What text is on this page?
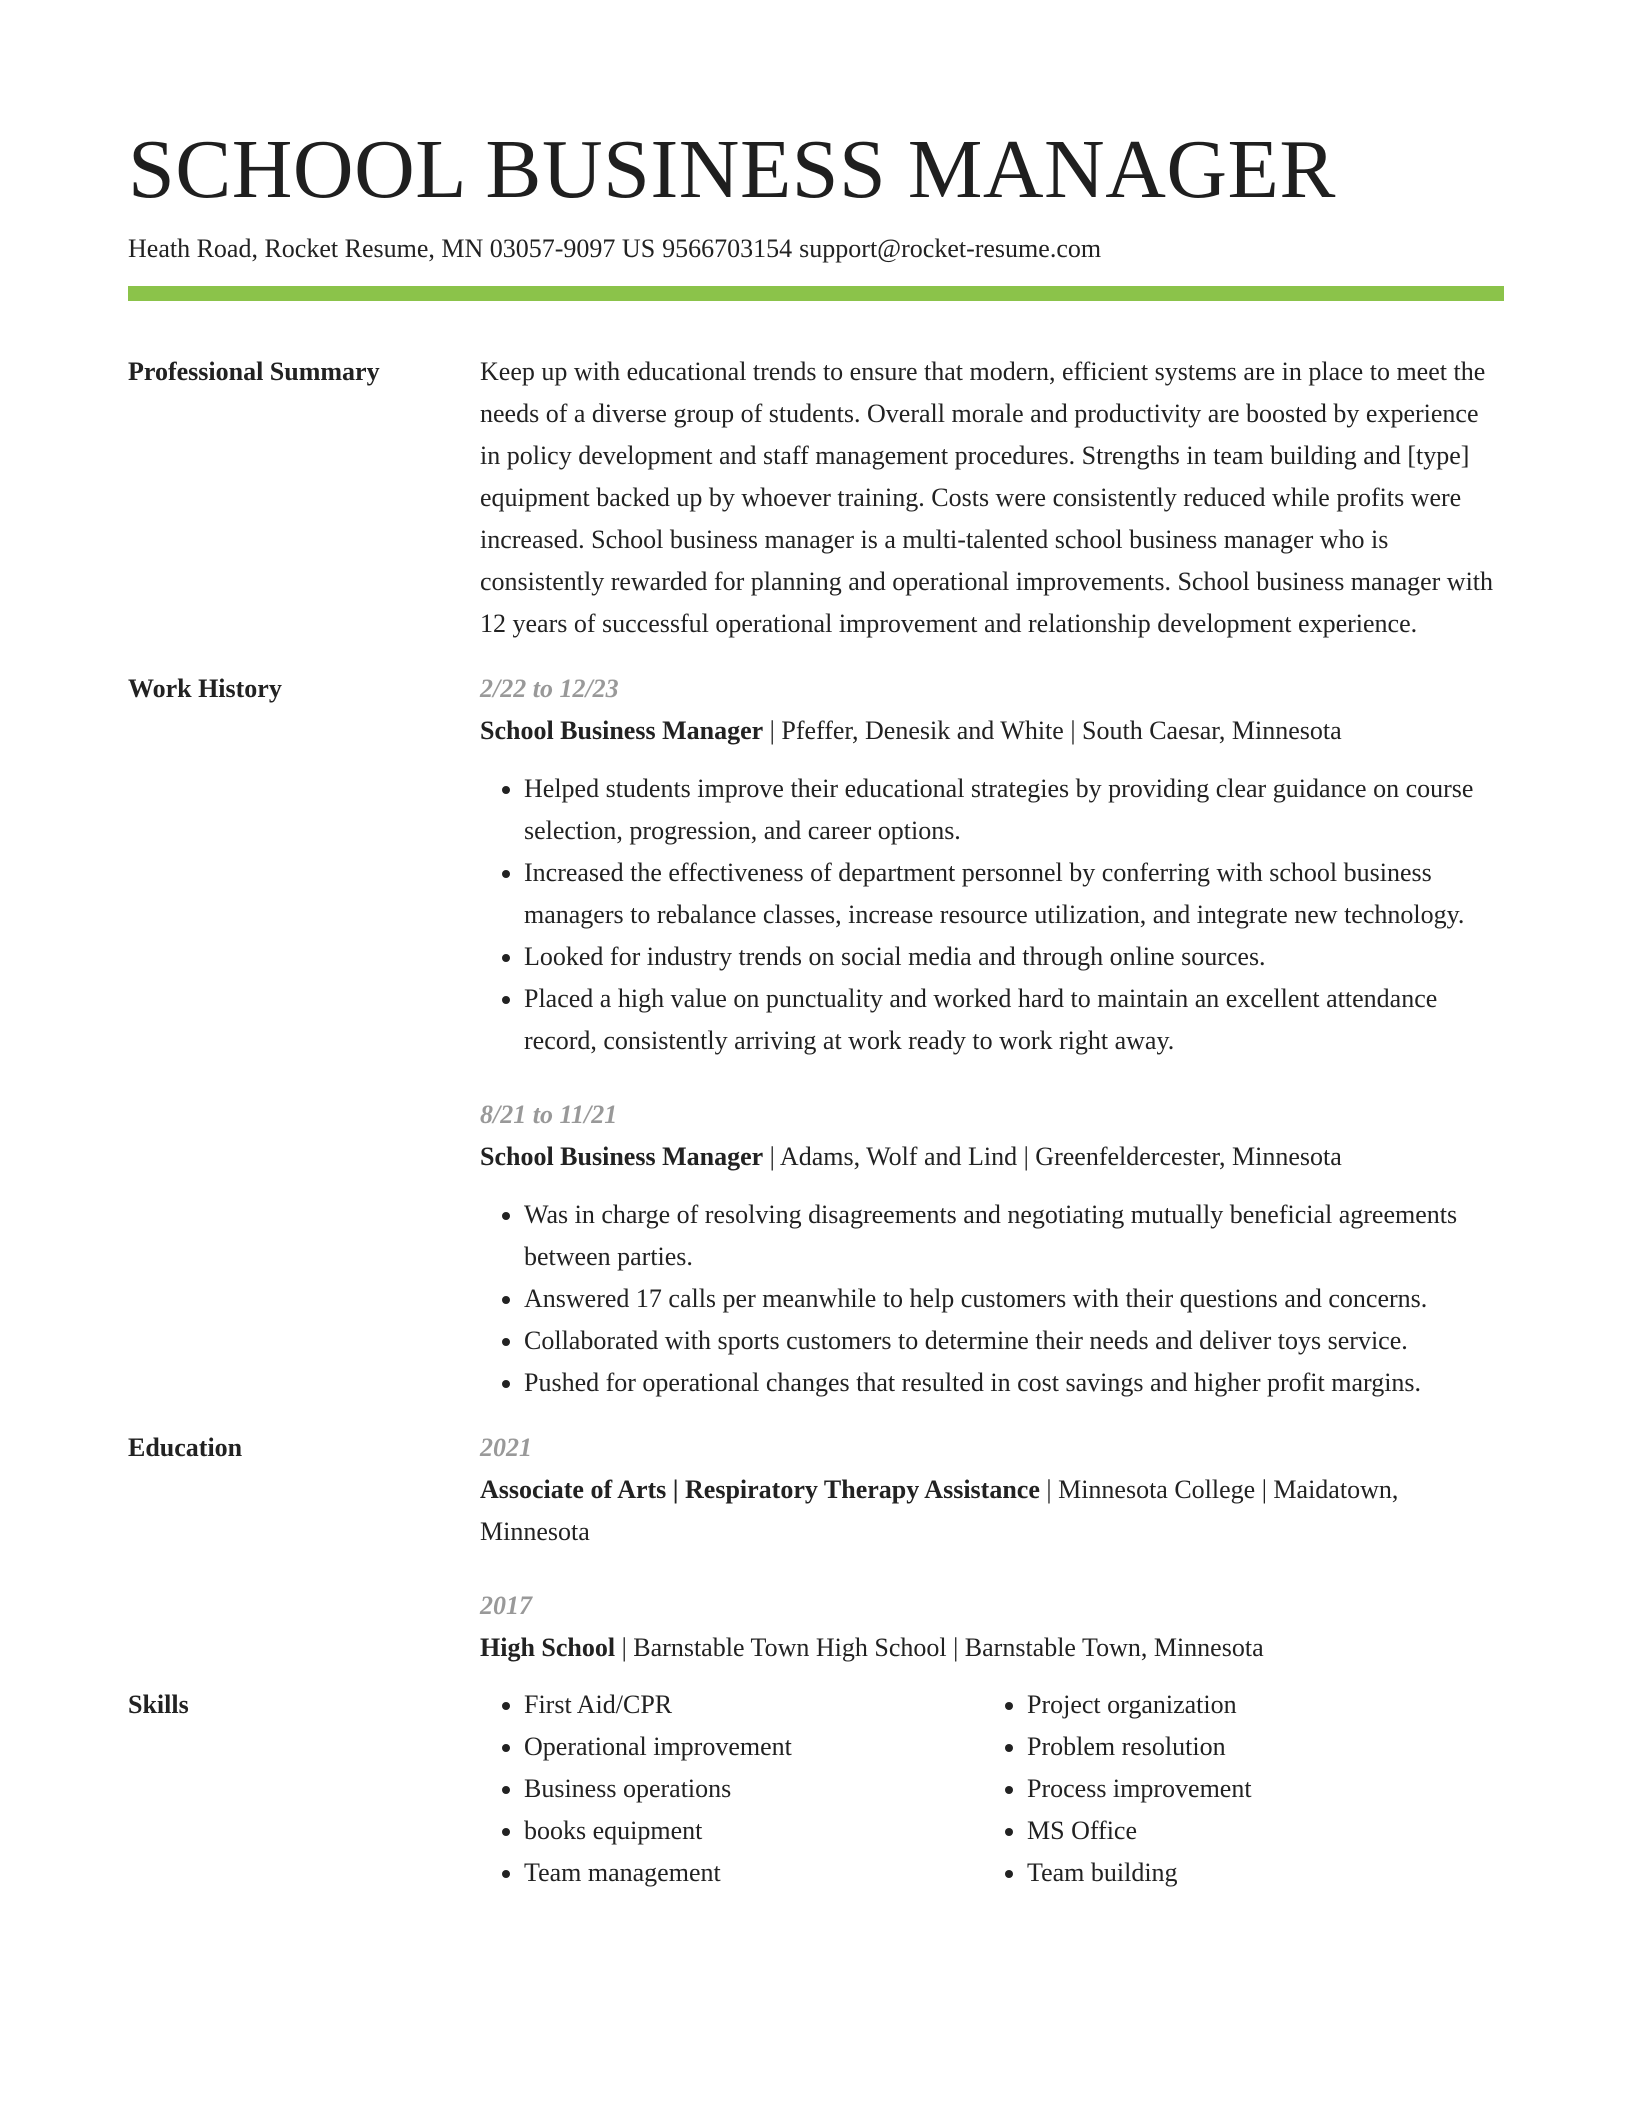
SCHOOL BUSINESS MANAGER
Heath Road, Rocket Resume, MN 03057-9097 US 9566703154 support@rocket-resume.com
Professional Summary	Keep up with educational trends to ensure that modern, efficient systems are in place to meet the needs of a diverse group of students. Overall morale and productivity are boosted by experience in policy development and staff management procedures. Strengths in team building and [type] equipment backed up by whoever training. Costs were consistently reduced while profits were increased. School business manager is a multi-talented school business manager who is consistently rewarded for planning and operational improvements. School business manager with 12 years of successful operational improvement and relationship development experience.

Work History	2/22 to 12/23
School Business Manager | Pfeffer, Denesik and White | South Caesar, Minnesota
• Helped students improve their educational strategies by providing clear guidance on course selection, progression, and career options.
• Increased the effectiveness of department personnel by conferring with school business managers to rebalance classes, increase resource utilization, and integrate new technology.
• Looked for industry trends on social media and through online sources.
• Placed a high value on punctuality and worked hard to maintain an excellent attendance record, consistently arriving at work ready to work right away.
8/21 to 11/21
School Business Manager | Adams, Wolf and Lind | Greenfeldercester, Minnesota
• Was in charge of resolving disagreements and negotiating mutually beneficial agreements between parties.
• Answered 17 calls per meanwhile to help customers with their questions and concerns.
• Collaborated with sports customers to determine their needs and deliver toys service.
• Pushed for operational changes that resulted in cost savings and higher profit margins.
Education	2021
Associate of Arts | Respiratory Therapy Assistance | Minnesota College | Maidatown, Minnesota
2017
High School | Barnstable Town High School | Barnstable Town, Minnesota
Skills
•	First Aid/CPR
• Operational improvement
• Business operations
• books equipment
• Team management
• Project organization
• Problem resolution
• Process improvement
• MS Office
• Team building
